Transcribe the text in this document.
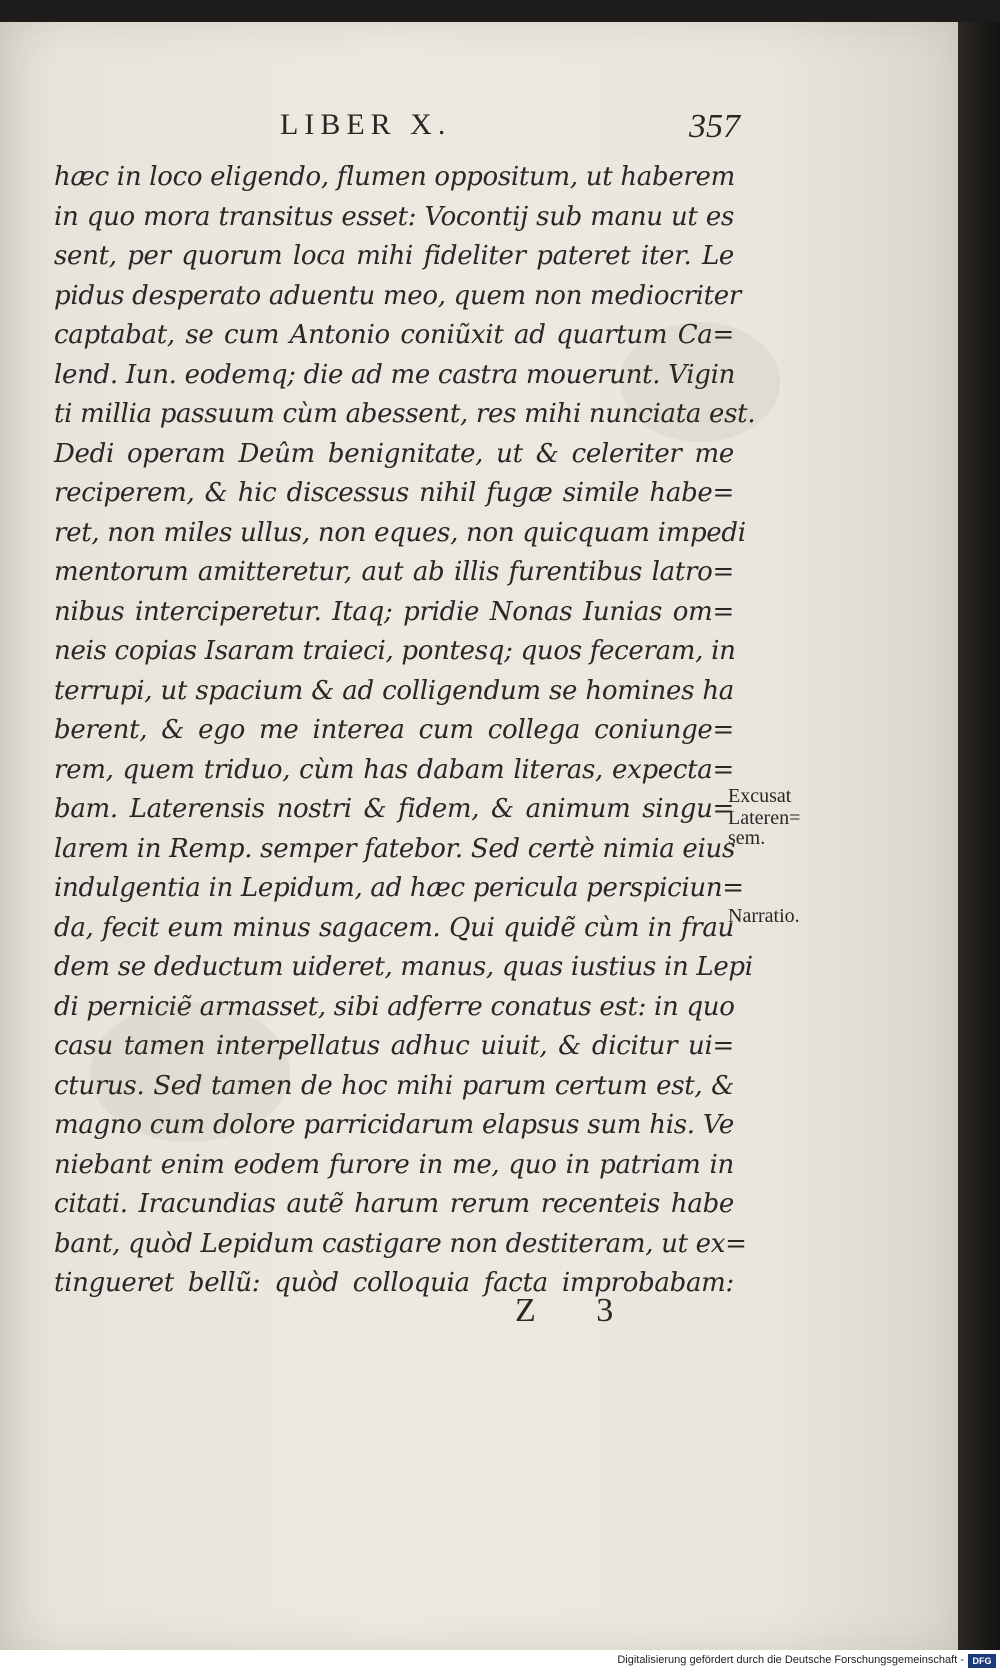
LIBER X.	357
hæc in loco eligendo, flumen oppositum, ut haberem
in quo mora transitus esset: Vocontij sub manu ut es
sent, per quorum loca mihi fideliter pateret iter. Le
pidus desperato aduentu meo, quem non mediocriter
captabat, se cum Antonio coniũxit ad quartum Ca=
lend. Iun. eodemq; die ad me castra mouerunt. Vigin
ti millia passuum cùm abessent, res mihi nunciata est.
Dedi operam Deûm benignitate, ut & celeriter me
reciperem, & hic discessus nihil fugæ simile habe=
ret, non miles ullus, non eques, non quicquam impedi
mentorum amitteretur, aut ab illis furentibus latro=
nibus interciperetur. Itaq; pridie Nonas Iunias om=
neis copias Isaram traieci, pontesq; quos feceram, in
terrupi, ut spacium & ad colligendum se homines ha
berent, & ego me interea cum collega coniunge=
rem, quem triduo, cùm has dabam literas, expecta=
bam. Laterensis nostri & fidem, & animum singu=
larem in Remp. semper fatebor. Sed certè nimia eius
indulgentia in Lepidum, ad hæc pericula perspiciun=
da, fecit eum minus sagacem. Qui quidẽ cùm in frau
dem se deductum uideret, manus, quas iustius in Lepi
di perniciẽ armasset, sibi adferre conatus est: in quo
casu tamen interpellatus adhuc uiuit, & dicitur ui=
cturus. Sed tamen de hoc mihi parum certum est, &
magno cum dolore parricidarum elapsus sum his. Ve
niebant enim eodem furore in me, quo in patriam in
citati. Iracundias autẽ harum rerum recenteis habe
bant, quòd Lepidum castigare non destiteram, ut ex=
tingueret bellũ: quòd colloquia facta improbabam:
Excusat
Lateren=
sem.
Narratio.
Z 3
Digitalisierung gefördert durch die Deutsche Forschungsgemeinschaft - DFG
